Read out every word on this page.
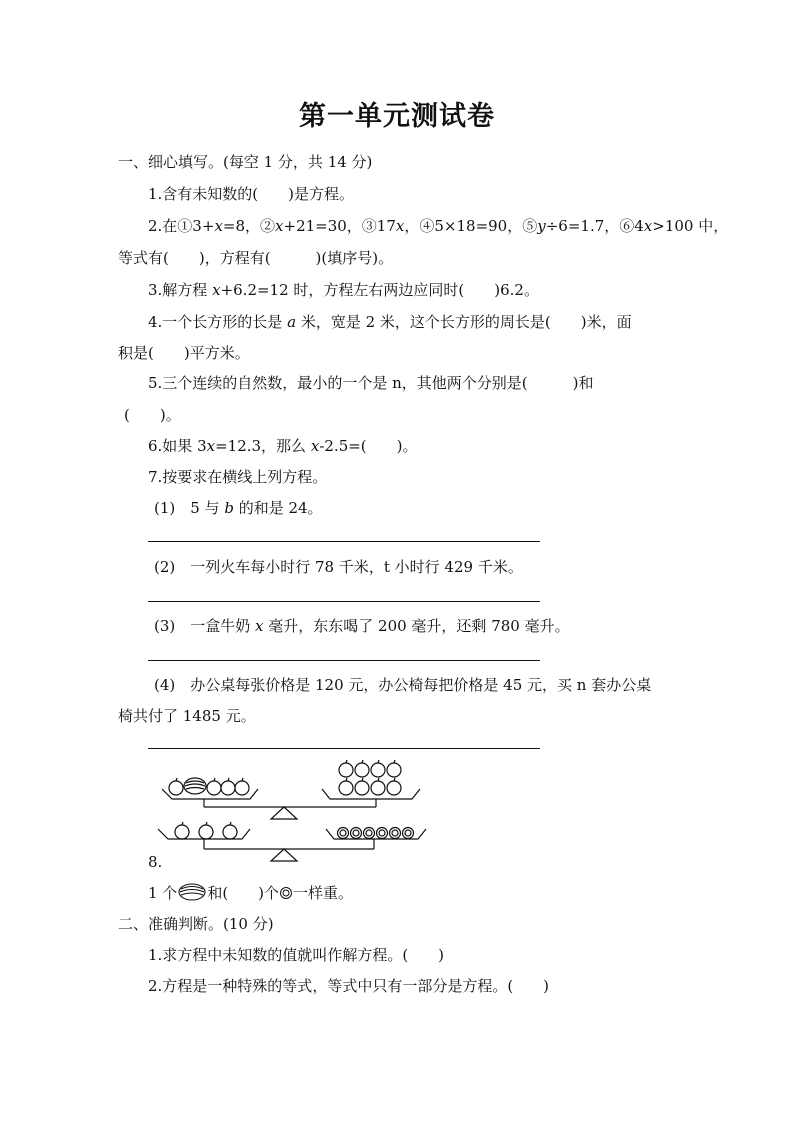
第一单元测试卷
一、细心填写。(每空 1 分，共 14 分)
1.含有未知数的(　　)是方程。
2.在①3+x=8，②x+21=30，③17x，④5×18=90，⑤y÷6=1.7，⑥4x>100 中，
等式有(　　)，方程有(　　　)(填序号)。
3.解方程 x+6.2=12 时，方程左右两边应同时(　　)6.2。
4.一个长方形的长是 a 米，宽是 2 米，这个长方形的周长是(　　)米，面
积是(　　)平方米。
5.三个连续的自然数，最小的一个是 n，其他两个分别是(　　　)和
(　　)。
6.如果 3x=12.3，那么 x-2.5=(　　)。
7.按要求在横线上列方程。
(1)　5 与 b 的和是 24。
(2)　一列火车每小时行 78 千米，t 小时行 429 千米。
(3)　一盒牛奶 x 毫升，东东喝了 200 毫升，还剩 780 毫升。
(4)　办公桌每张价格是 120 元，办公椅每把价格是 45 元，买 n 套办公桌
椅共付了 1485 元。
8.
1 个 和(　　)个 一样重。
二、准确判断。(10 分)
1.求方程中未知数的值就叫作解方程。(　　)
2.方程是一种特殊的等式，等式中只有一部分是方程。(　　)
